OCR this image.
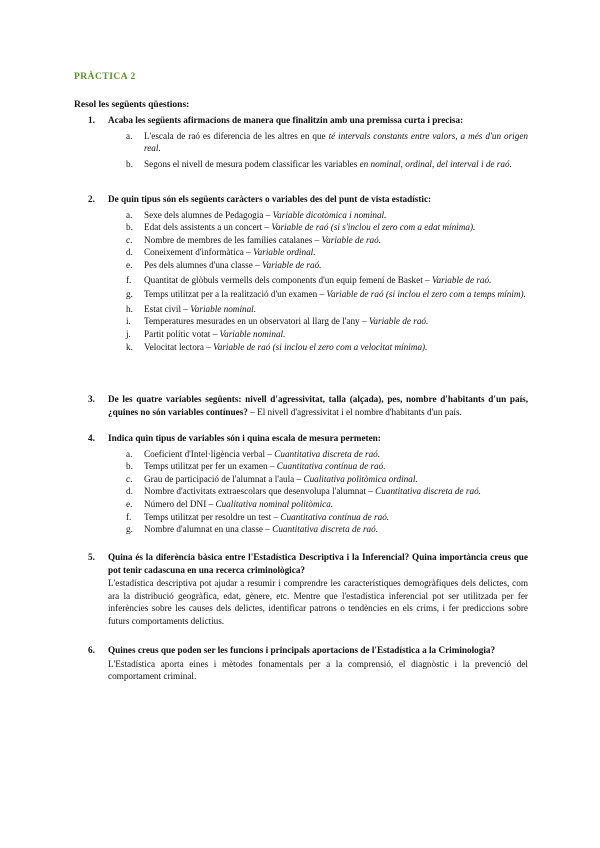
PRÀCTICA 2
Resol les següents qüestions:
1. Acaba les següents afirmacions de manera que finalitzin amb una premissa curta i precisa:
a. L'escala de raó es diferencia de les altres en que té intervals constants entre valors, a més d'un origen real.
b. Segons el nivell de mesura podem classificar les variables en nominal, ordinal, del interval i de raó.
2. De quin tipus són els següents caràcters o variables des del punt de vista estadístic:
a. Sexe dels alumnes de Pedagogia – Variable dicotòmica i nominal.
b. Edat dels assistents a un concert – Variable de raó (si s'inclou el zero com a edat mínima).
c. Nombre de membres de les famílies catalanes – Variable de raó.
d. Coneixement d'informàtica – Variable ordinal.
e. Pes dels alumnes d'una classe – Variable de raó.
f. Quantitat de glòbuls vermells dels components d'un equip femení de Basket – Variable de raó.
g. Temps utilitzat per a la realització d'un examen – Variable de raó (si inclou el zero com a temps mínim).
h. Estat civil – Variable nominal.
i. Temperatures mesurades en un observatori al llarg de l'any – Variable de raó.
j. Partit polític votat – Variable nominal.
k. Velocitat lectora – Variable de raó (si inclou el zero com a velocitat mínima).
3. De les quatre variables següents: nivell d'agressivitat, talla (alçada), pes, nombre d'habitants d'un país, ¿quines no són variables contínues? – El nivell d'agressivitat i el nombre d'habitants d'un país.
4. Indica quin tipus de variables són i quina escala de mesura permeten:
a. Coeficient d'Intel·ligència verbal – Cuantitativa discreta de raó.
b. Temps utilitzat per fer un examen – Cuantitativa contínua de raó.
c. Grau de participació de l'alumnat a l'aula – Cualitativa politòmica ordinal.
d. Nombre d'activitats extraescolars que desenvolupa l'alumnat – Cuantitativa discreta de raó.
e. Número del DNI – Cualitativa nominal politòmica.
f. Temps utilitzat per resoldre un test – Cuantitativa contínua de raó.
g. Nombre d'alumnat en una classe – Cuantitativa discreta de raó.
5. Quina és la diferència bàsica entre l'Estadística Descriptiva i la Inferencial? Quina importància creus que pot tenir cadascuna en una recerca criminològica?
L'estadística descriptiva pot ajudar a resumir i comprendre les característiques demogràfiques dels delictes, com ara la distribució geogràfica, edat, gènere, etc. Mentre que l'estadística inferencial pot ser utilitzada per fer inferències sobre les causes dels delictes, identificar patrons o tendències en els crims, i fer prediccions sobre futurs comportaments delictius.
6. Quines creus que poden ser les funcions i principals aportacions de l'Estadística a la Criminologia?
L'Estadística aporta eines i mètodes fonamentals per a la comprensió, el diagnòstic i la prevenció del comportament criminal.
